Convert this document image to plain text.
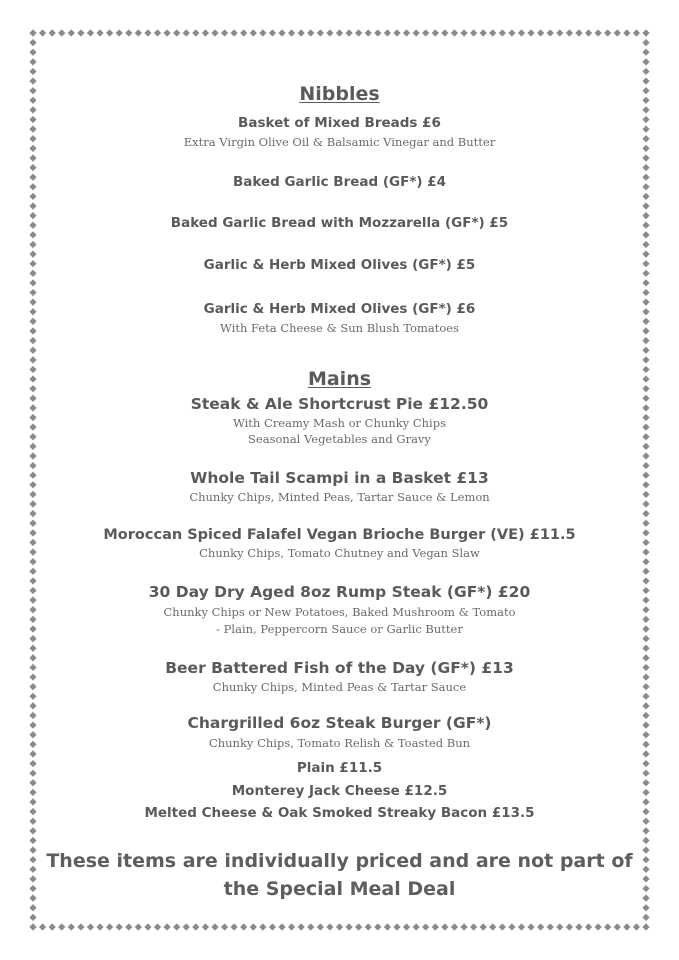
Nibbles
Basket of Mixed Breads £6
Extra Virgin Olive Oil & Balsamic Vinegar and Butter
Baked Garlic Bread (GF*) £4
Baked Garlic Bread with Mozzarella (GF*) £5
Garlic & Herb Mixed Olives (GF*) £5
Garlic & Herb Mixed Olives (GF*) £6
With Feta Cheese & Sun Blush Tomatoes
Mains
Steak & Ale Shortcrust Pie £12.50
With Creamy Mash or Chunky Chips
Seasonal Vegetables and Gravy
Whole Tail Scampi in a Basket £13
Chunky Chips, Minted Peas, Tartar Sauce & Lemon
Moroccan Spiced Falafel Vegan Brioche Burger (VE) £11.5
Chunky Chips, Tomato Chutney and Vegan Slaw
30 Day Dry Aged 8oz Rump Steak (GF*) £20
Chunky Chips or New Potatoes, Baked Mushroom & Tomato
- Plain, Peppercorn Sauce or Garlic Butter
Beer Battered Fish of the Day (GF*) £13
Chunky Chips, Minted Peas & Tartar Sauce
Chargrilled 6oz Steak Burger (GF*)
Chunky Chips, Tomato Relish & Toasted Bun
Plain £11.5
Monterey Jack Cheese £12.5
Melted Cheese & Oak Smoked Streaky Bacon £13.5
These items are individually priced and are not part of the Special Meal Deal
